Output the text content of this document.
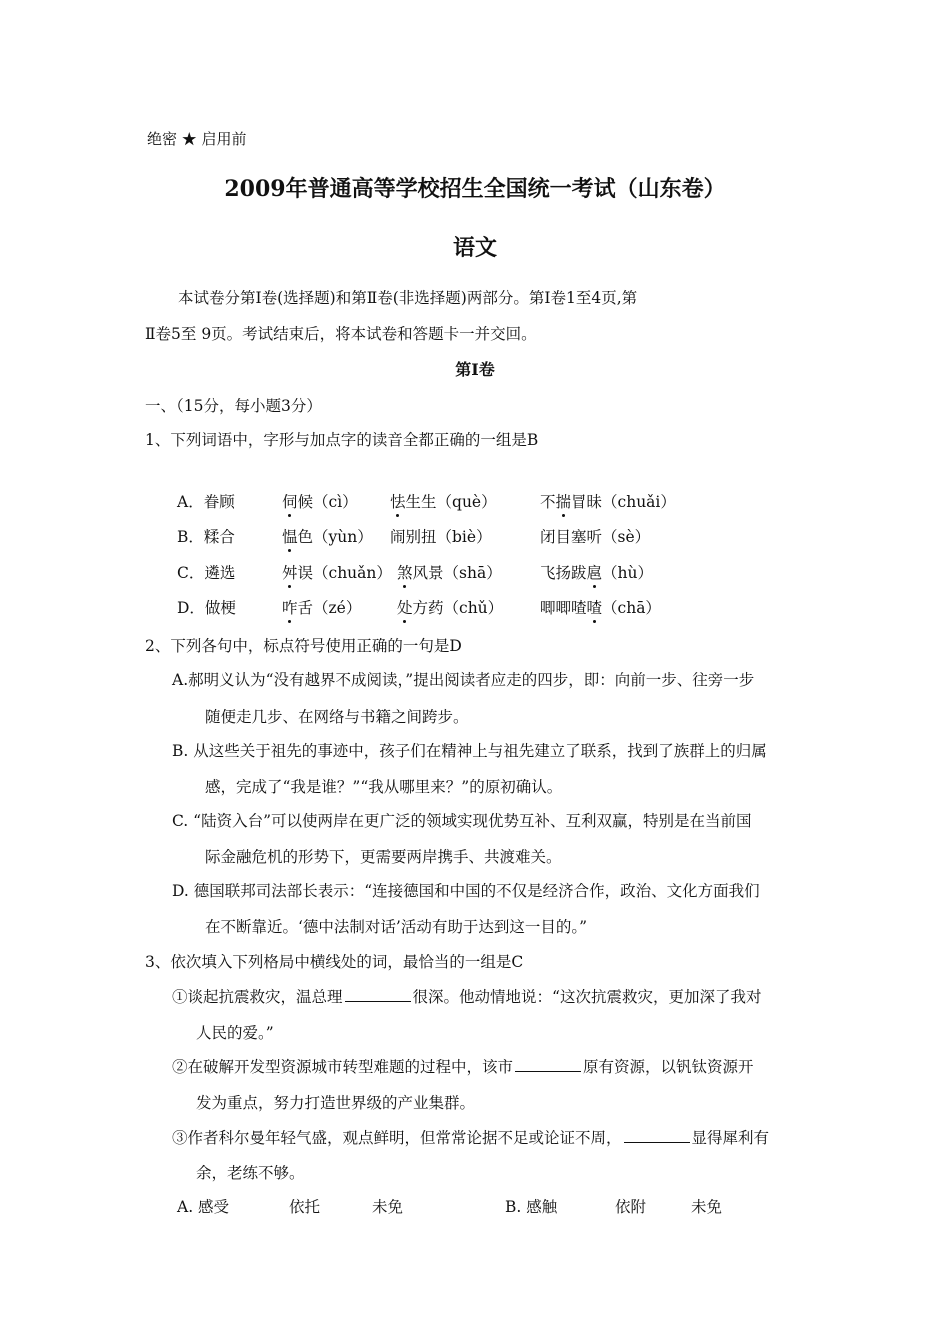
绝密 ★ 启用前
2009年普通高等学校招生全国统一考试（山东卷）
语文
本试卷分第Ⅰ卷(选择题)和第Ⅱ卷(非选择题)两部分。第Ⅰ卷1至4页,第
Ⅱ卷5至 9页。考试结束后，将本试卷和答题卡一并交回。
第Ⅰ卷
一、（15分，每小题3分）
1、下列词语中，字形与加点字的读音全都正确的一组是B
A．眷顾	伺候（cì） 怯生生（què）	不揣冒昧（chuǎi）
B．糅合	愠色（yùn） 闹别扭（biè）	闭目塞听（sè）
C．遴选	舛误（chuǎn） 煞风景（shā） 飞扬跋扈（hù）
D．做梗	咋舌（zé） 处方药（chǔ） 唧唧喳喳（chā）
2、下列各句中，标点符号使用正确的一句是D
A.郝明义认为“没有越界不成阅读，”提出阅读者应走的四步，即：向前一步、往旁一步
随便走几步、在网络与书籍之间跨步。
B. 从这些关于祖先的事迹中，孩子们在精神上与祖先建立了联系，找到了族群上的归属
感，完成了“我是谁？”“我从哪里来？”的原初确认。
C. “陆资入台”可以使两岸在更广泛的领域实现优势互补、互利双赢，特别是在当前国
际金融危机的形势下，更需要两岸携手、共渡难关。
D. 德国联邦司法部长表示：“连接德国和中国的不仅是经济合作，政治、文化方面我们
在不断靠近。‘德中法制对话’活动有助于达到这一目的。”
3、依次填入下列格局中横线处的词，最恰当的一组是C
①谈起抗震救灾，温总理	很深。他动情地说：“这次抗震救灾，更加深了我对
人民的爱。”
②在破解开发型资源城市转型难题的过程中，该市	原有资源，以钒钛资源开
发为重点，努力打造世界级的产业集群。
③作者科尔曼年轻气盛，观点鲜明，但常常论据不足或论证不周，	显得犀利有
余，老练不够。
A. 感受	依托	未免	B. 感触	依附	未免
